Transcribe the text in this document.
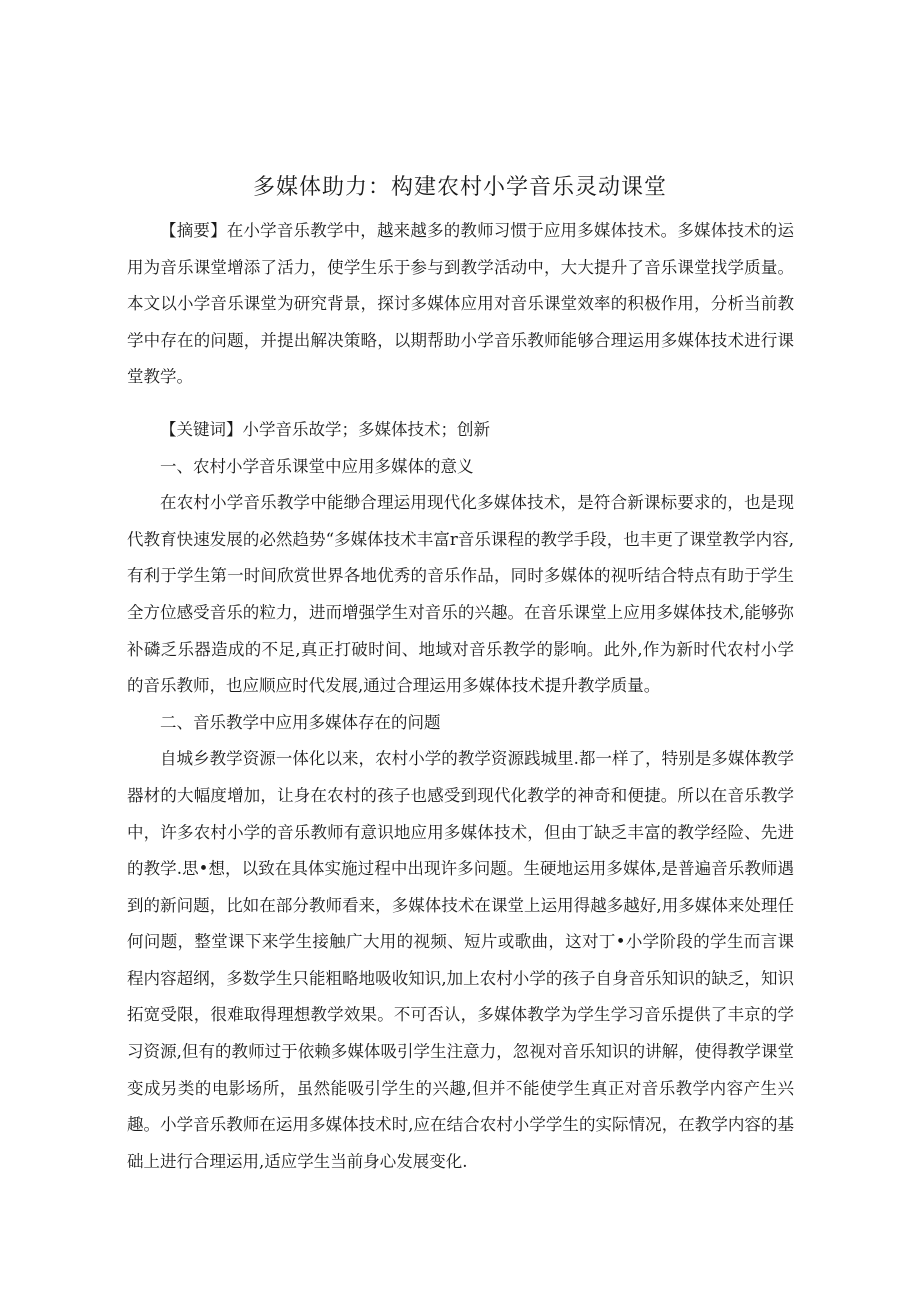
多媒体助力：构建农村小学音乐灵动课堂

【摘要】在小学音乐教学中，越来越多的教师习惯于应用多媒体技术。多媒体技术的运用为音乐课堂增添了活力，使学生乐于参与到教学活动中，大大提升了音乐课堂找学质量。本文以小学音乐课堂为研究背景，探讨多媒体应用对音乐课堂效率的积极作用，分析当前教学中存在的问题，并提出解决策略，以期帮助小学音乐教师能够合理运用多媒体技术进行课堂教学。

【关键词】小学音乐故学；多媒体技术；创新

一、农村小学音乐课堂中应用多媒体的意义

在农村小学音乐教学中能缈合理运用现代化多媒体技术，是符合新课标要求的，也是现代教育快速发展的必然趋势“多媒体技术丰富r音乐课程的教学手段，也丰更了课堂教学内容,有利于学生第一时间欣赏世界各地优秀的音乐作品，同时多媒体的视听结合特点有助于学生全方位感受音乐的粒力，进而增强学生对音乐的兴趣。在音乐课堂上应用多媒体技术,能够弥补磷乏乐器造成的不足,真正打破时间、地域对音乐教学的影响。此外,作为新时代农村小学的音乐教师，也应顺应时代发展,通过合理运用多媒体技术提升教学质量。

二、音乐教学中应用多媒体存在的问题

自城乡教学资源一体化以来，农村小学的教学资源践城里.都一样了，特别是多媒体教学器材的大幅度增加，让身在农村的孩子也感受到现代化教学的神奇和便捷。所以在音乐教学中，许多农村小学的音乐教师有意识地应用多媒体技术，但由丁缺乏丰富的教学经险、先进的教学.思•想，以致在具体实施过程中出现许多问题。生硬地运用多媒体,是普遍音乐教师遇到的新问题，比如在部分教师看来，多媒体技术在课堂上运用得越多越好,用多媒体来处理任何问题，整堂课下来学生接触广大用的视频、短片或歌曲，这对丁•小学阶段的学生而言课程内容超纲，多数学生只能粗略地吸收知识,加上农村小学的孩子自身音乐知识的缺乏，知识拓宽受限，很难取得理想教学效果。不可否认，多媒体教学为学生学习音乐提供了丰京的学习资源,但有的教师过于依赖多媒体吸引学生注意力，忽视对音乐知识的讲解，使得教学课堂变成另类的电影场所，虽然能吸引学生的兴趣,但并不能使学生真正对音乐教学内容产生兴趣。小学音乐教师在运用多媒体技术时,应在结合农村小学学生的实际情况，在教学内容的基础上进行合理运用,适应学生当前身心发展变化.
